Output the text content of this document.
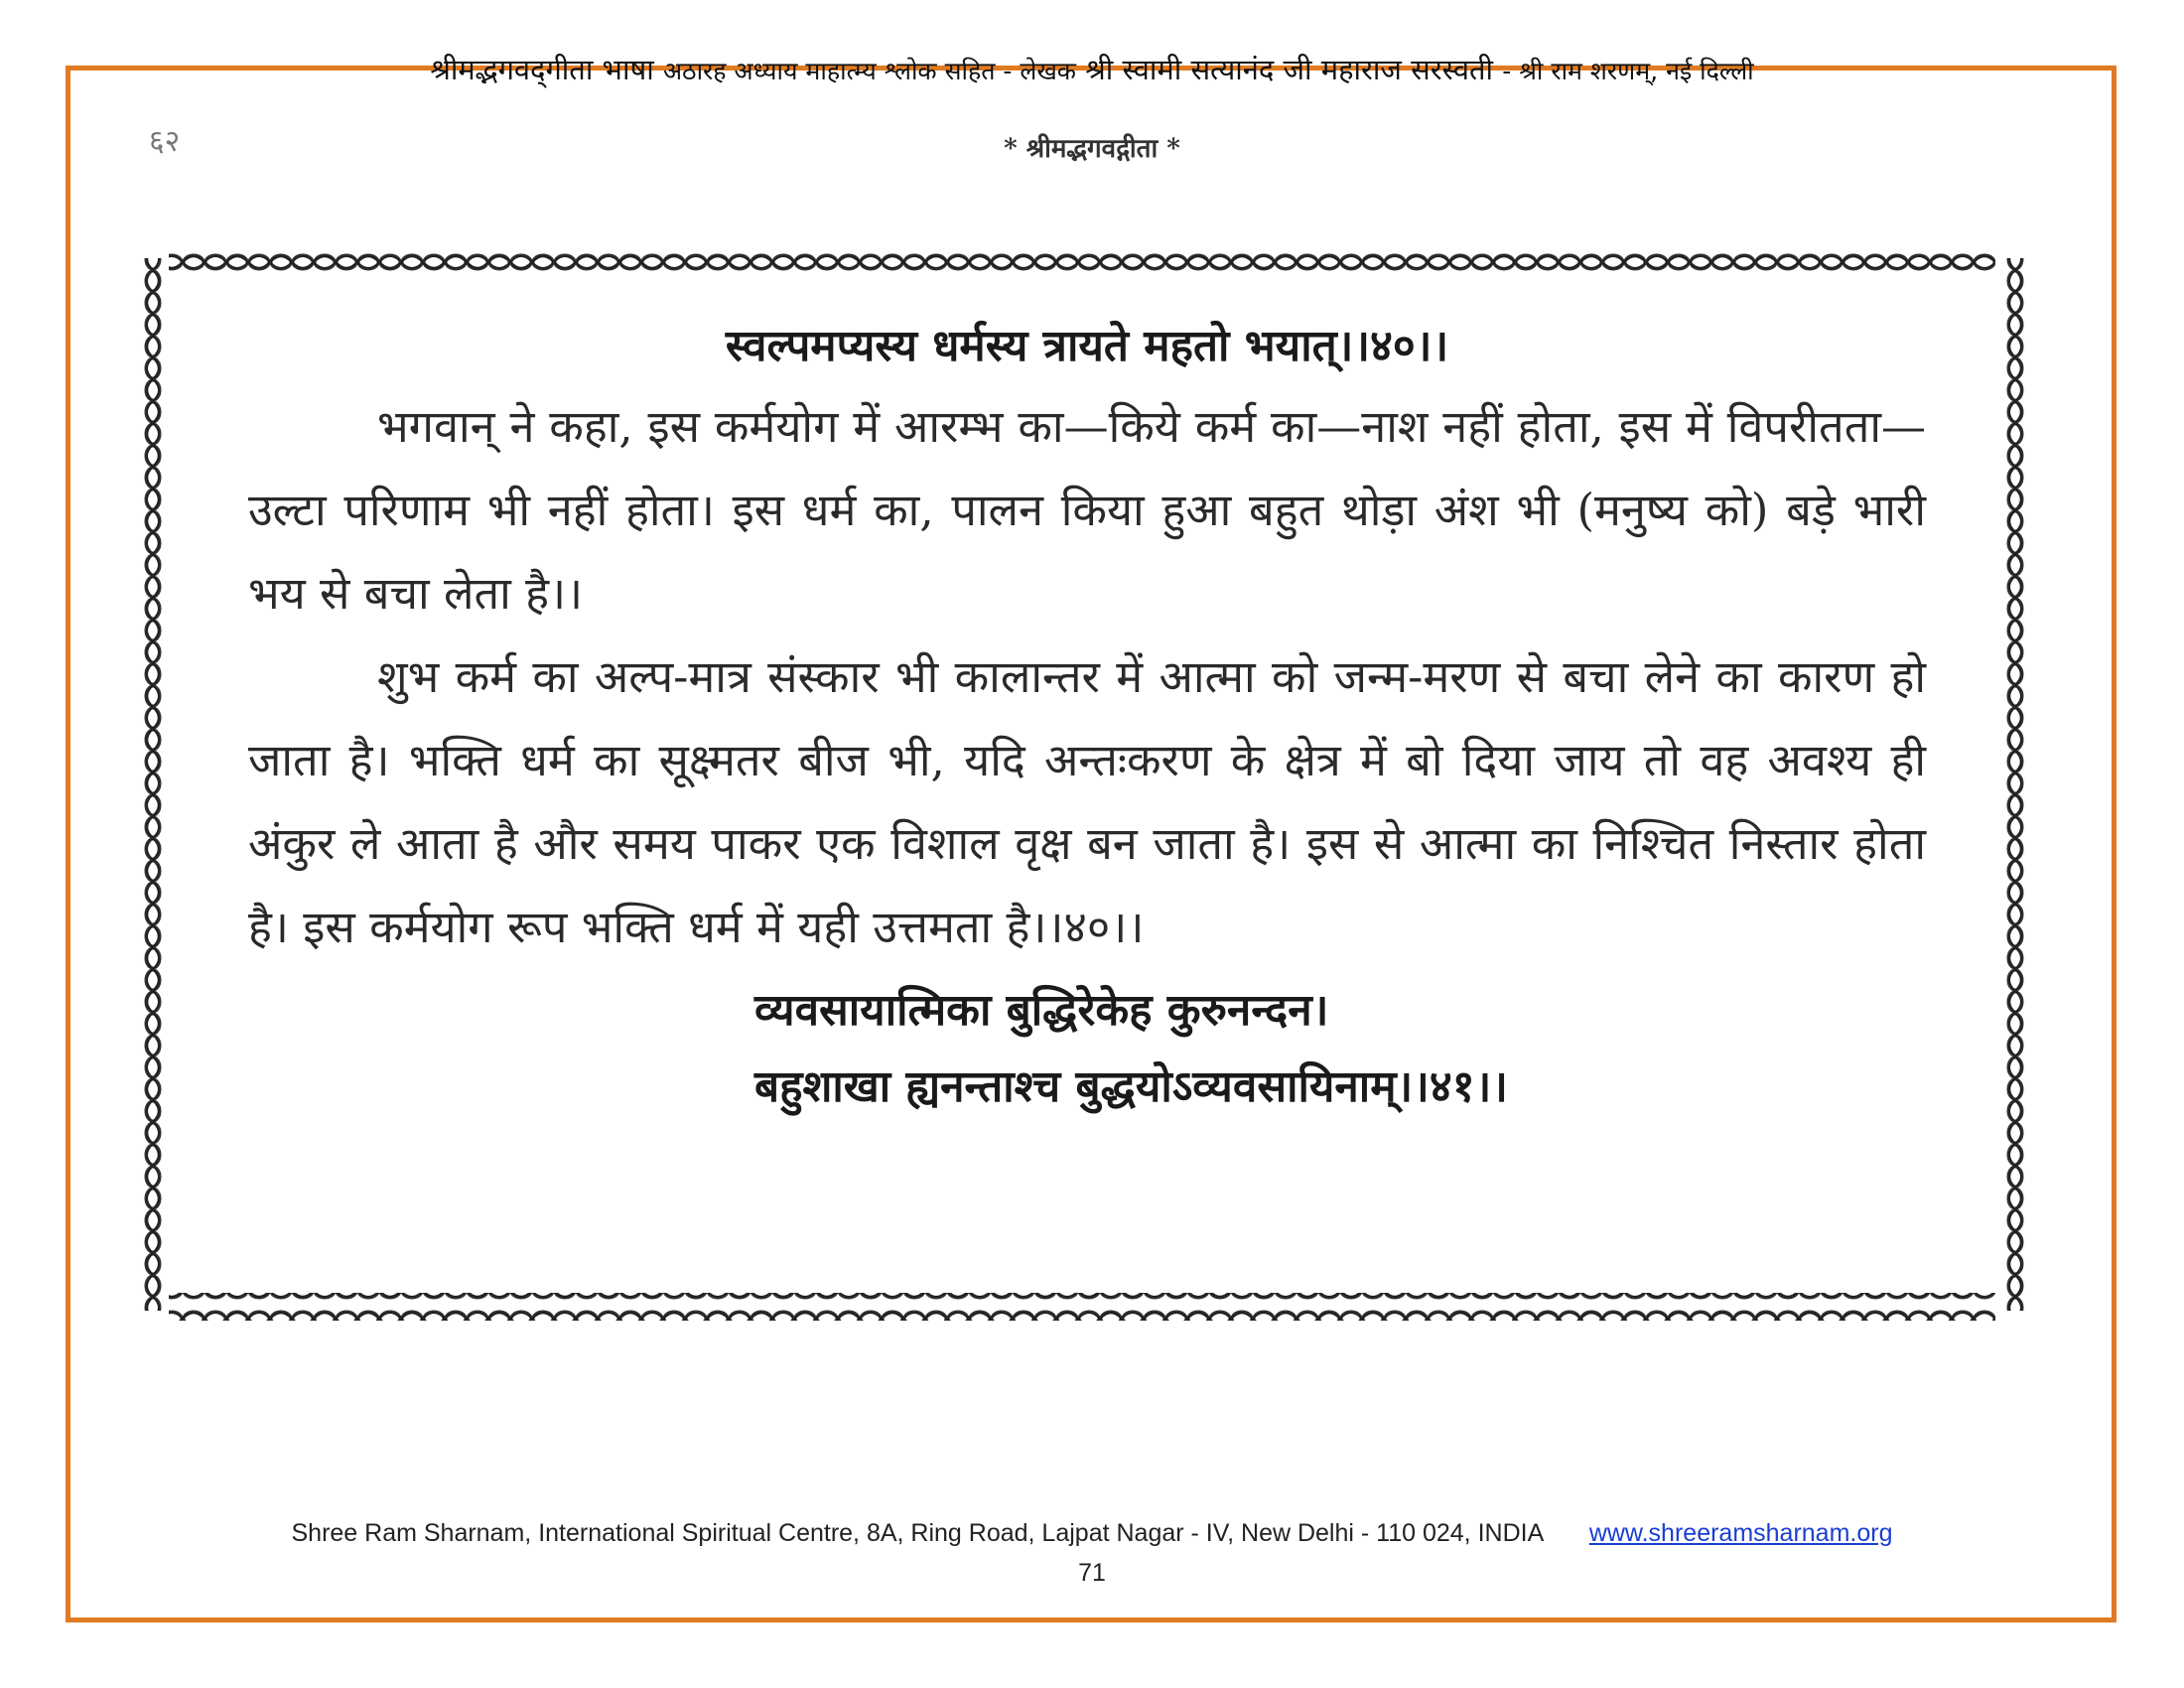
श्रीमद्भगवद्‌गीता भाषा अठारह अध्याय माहात्म्य श्लोक सहित - लेखक श्री स्वामी सत्यानंद जी महाराज सरस्वती - श्री राम शरणम्, नई दिल्ली
६२	* श्रीमद्भगवद्गीता *
स्वल्पमप्यस्य धर्मस्य त्रायते महतो भयात्।।४०।।

भगवान् ने कहा, इस कर्मयोग में आरम्भ का—किये कर्म का—नाश नहीं होता, इस में विपरीतता—उल्टा परिणाम भी नहीं होता। इस धर्म का, पालन किया हुआ बहुत थोड़ा अंश भी (मनुष्य को) बड़े भारी भय से बचा लेता है।।

शुभ कर्म का अल्प-मात्र संस्कार भी कालान्तर में आत्मा को जन्म-मरण से बचा लेने का कारण हो जाता है। भक्ति धर्म का सूक्ष्मतर बीज भी, यदि अन्तःकरण के क्षेत्र में बो दिया जाय तो वह अवश्य ही अंकुर ले आता है और समय पाकर एक विशाल वृक्ष बन जाता है। इस से आत्मा का निश्चित निस्तार होता है। इस कर्मयोग रूप भक्ति धर्म में यही उत्तमता है।।४०।।

व्यवसायात्मिका बुद्धिरेकेह कुरुनन्दन।
बहुशाखा ह्यनन्ताश्च बुद्धयोऽव्यवसायिनाम्।।४१।।
Shree Ram Sharnam, International Spiritual Centre, 8A, Ring Road, Lajpat Nagar - IV, New Delhi - 110 024, INDIA www.shreeramsharnam.org
71
